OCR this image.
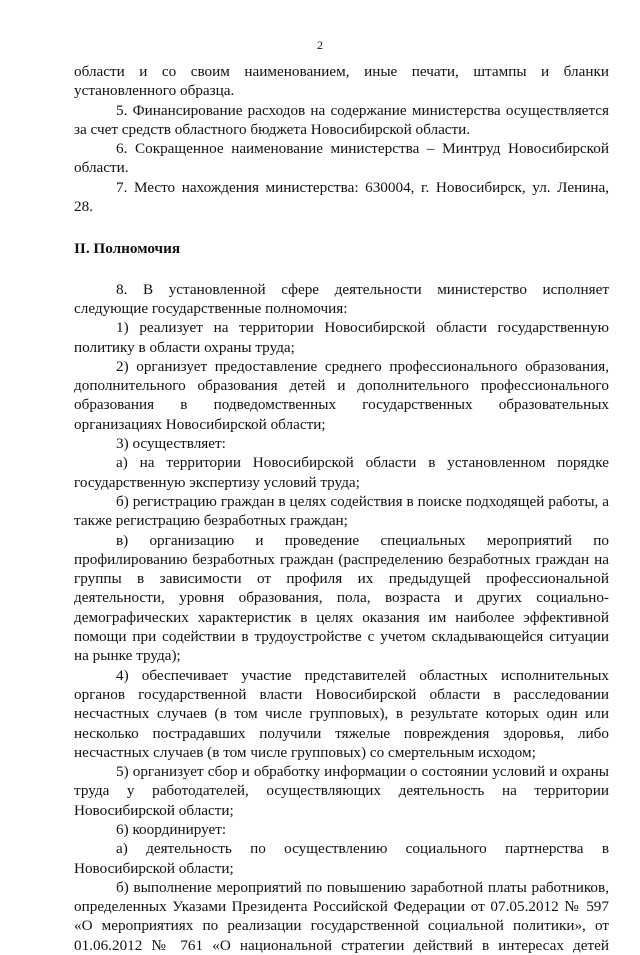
2

области и со своим наименованием, иные печати, штампы и бланки установленного образца.

5. Финансирование расходов на содержание министерства осуществляется за счет средств областного бюджета Новосибирской области.

6. Сокращенное наименование министерства – Минтруд Новосибирской области.

7. Место нахождения министерства: 630004, г. Новосибирск, ул. Ленина, 28.

II. Полномочия

8. В установленной сфере деятельности министерство исполняет следующие государственные полномочия:

1) реализует на территории Новосибирской области государственную политику в области охраны труда;

2) организует предоставление среднего профессионального образования, дополнительного образования детей и дополнительного профессионального образования в подведомственных государственных образовательных организациях Новосибирской области;

3) осуществляет:

а) на территории Новосибирской области в установленном порядке государственную экспертизу условий труда;

б) регистрацию граждан в целях содействия в поиске подходящей работы, а также регистрацию безработных граждан;

в) организацию и проведение специальных мероприятий по профилированию безработных граждан (распределению безработных граждан на группы в зависимости от профиля их предыдущей профессиональной деятельности, уровня образования, пола, возраста и других социально-демографических характеристик в целях оказания им наиболее эффективной помощи при содействии в трудоустройстве с учетом складывающейся ситуации на рынке труда);

4) обеспечивает участие представителей областных исполнительных органов государственной власти Новосибирской области в расследовании несчастных случаев (в том числе групповых), в результате которых один или несколько пострадавших получили тяжелые повреждения здоровья, либо несчастных случаев (в том числе групповых) со смертельным исходом;

5) организует сбор и обработку информации о состоянии условий и охраны труда у работодателей, осуществляющих деятельность на территории Новосибирской области;

6) координирует:

а) деятельность по осуществлению социального партнерства в Новосибирской области;

б) выполнение мероприятий по повышению заработной платы работников, определенных Указами Президента Российской Федерации от 07.05.2012 № 597 «О мероприятиях по реализации государственной социальной политики», от 01.06.2012 № 761 «О национальной стратегии действий в интересах детей
